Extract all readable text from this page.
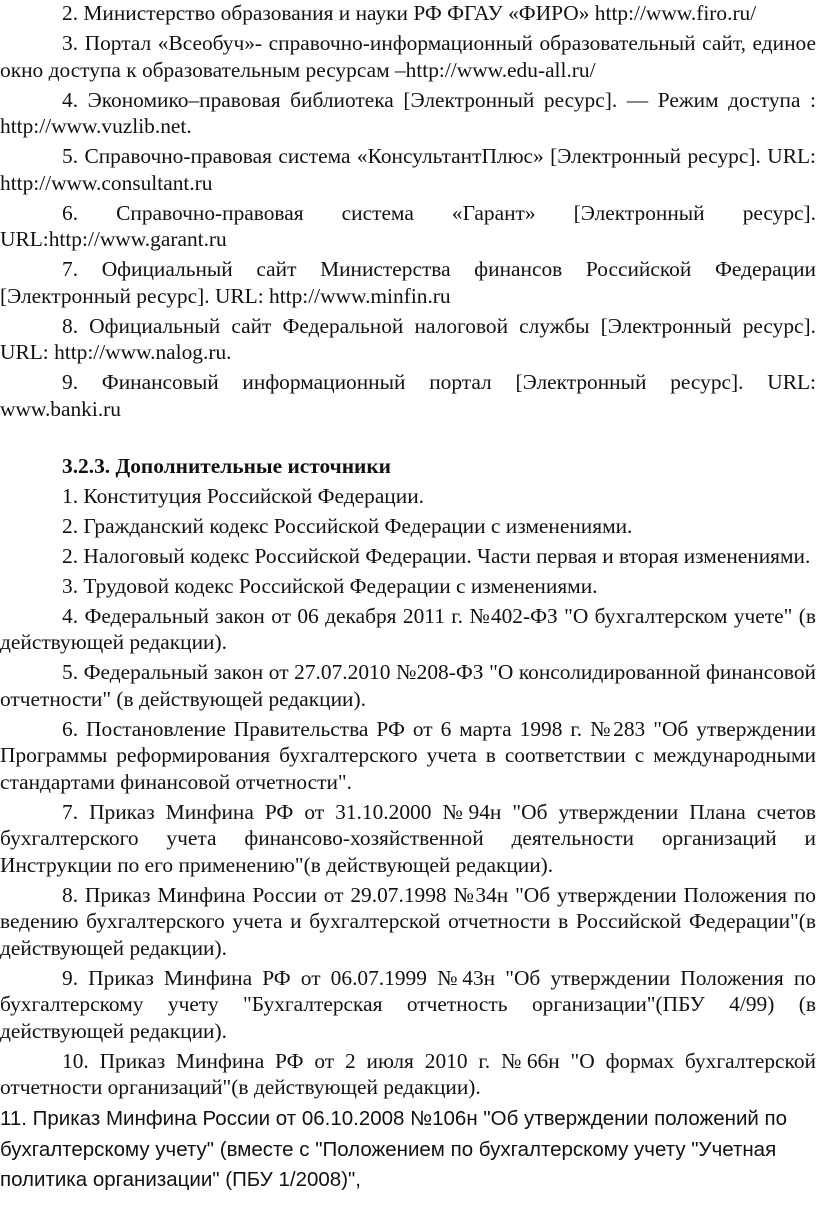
2. Министерство образования и науки РФ ФГАУ «ФИРО» http://www.firo.ru/

3. Портал «Всеобуч»- справочно-информационный образовательный сайт, единое окно доступа к образовательным ресурсам –http://www.edu-all.ru/

4. Экономико–правовая библиотека [Электронный ресурс]. — Режим доступа : http://www.vuzlib.net.

5. Справочно-правовая система «КонсультантПлюс» [Электронный ресурс]. URL: http://www.consultant.ru

6. Справочно-правовая система «Гарант» [Электронный ресурс]. URL:http://www.garant.ru

7. Официальный сайт Министерства финансов Российской Федерации [Электронный ресурс]. URL: http://www.minfin.ru

8. Официальный сайт Федеральной налоговой службы [Электронный ресурс]. URL: http://www.nalog.ru.

9. Финансовый информационный портал [Электронный ресурс]. URL: www.banki.ru

3.2.3. Дополнительные источники

1. Конституция Российской Федерации.

2. Гражданский кодекс Российской Федерации с изменениями.

2. Налоговый кодекс Российской Федерации. Части первая и вторая изменениями.

3. Трудовой кодекс Российской Федерации с изменениями.

4. Федеральный закон от 06 декабря 2011 г. №402-ФЗ "О бухгалтерском учете" (в действующей редакции).

5. Федеральный закон от 27.07.2010 №208-ФЗ "О консолидированной финансовой отчетности" (в действующей редакции).

6. Постановление Правительства РФ от 6 марта 1998 г. №283 "Об утверждении Программы реформирования бухгалтерского учета в соответствии с международными стандартами финансовой отчетности".

7. Приказ Минфина РФ от 31.10.2000 №94н "Об утверждении Плана счетов бухгалтерского учета финансово-хозяйственной деятельности организаций и Инструкции по его применению"(в действующей редакции).

8. Приказ Минфина России от 29.07.1998 №34н "Об утверждении Положения по ведению бухгалтерского учета и бухгалтерской отчетности в Российской Федерации"(в действующей редакции).

9. Приказ Минфина РФ от 06.07.1999 №43н "Об утверждении Положения по бухгалтерскому учету "Бухгалтерская отчетность организации"(ПБУ 4/99) (в действующей редакции).

10. Приказ Минфина РФ от 2 июля 2010 г. №66н "О формах бухгалтерской отчетности организаций"(в действующей редакции).

11. Приказ Минфина России от 06.10.2008 №106н "Об утверждении положений по бухгалтерскому учету" (вместе с "Положением по бухгалтерскому учету "Учетная политика организации" (ПБУ 1/2008)",
